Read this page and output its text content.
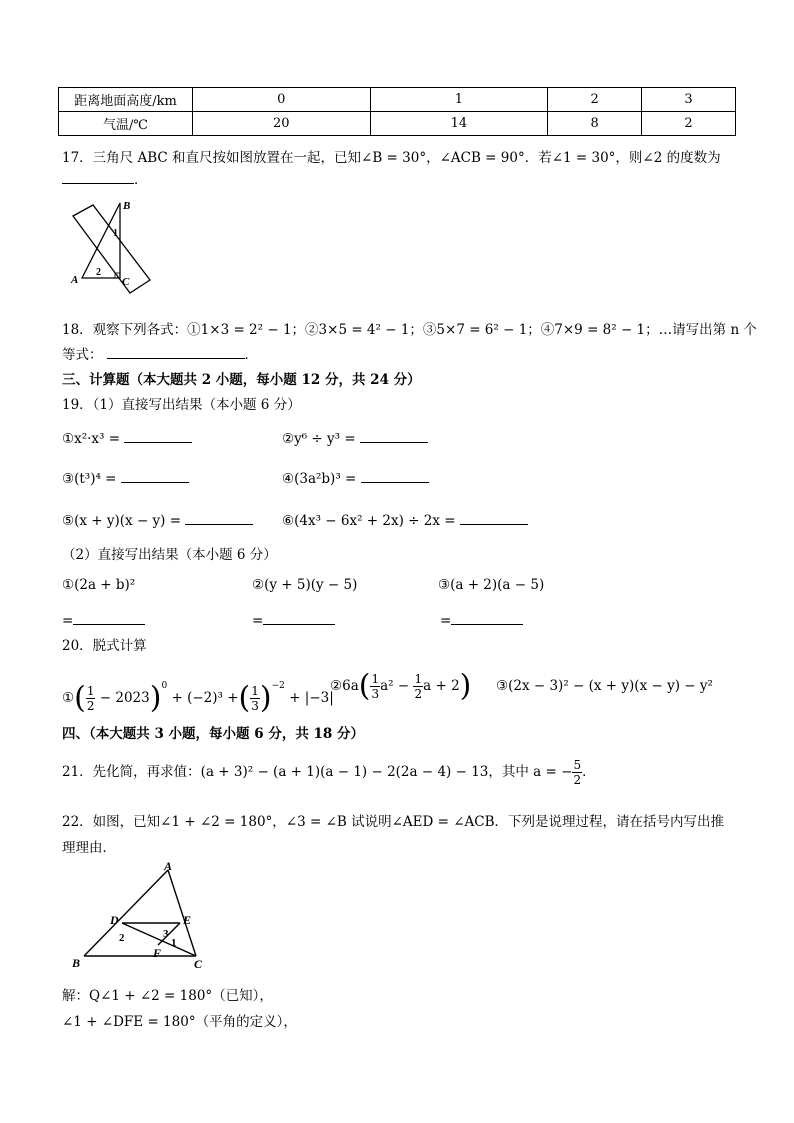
距离地面高度/km	0	1	2	3
气温/℃	20	14	8	2
17．三角尺 ABC 和直尺按如图放置在一起，已知∠B = 30°，∠ACB = 90°．若∠1 = 30°，则∠2 的度数为
．
B
A	C
1
2
18．观察下列各式：①1×3 = 2² − 1；②3×5 = 4² − 1；③5×7 = 6² − 1；④7×9 = 8² − 1；…请写出第 n 个
等式：	．
三、计算题（本大题共 2 小题，每小题 12 分，共 24 分）
19．（1）直接写出结果（本小题 6 分）
①x²·x³ =	②y⁶ ÷ y³ =
③(t³)⁴ =	④(3a²b)³ =
⑤(x + y)(x − y) =	⑥(4x³ − 6x² + 2x) ÷ 2x =
（2）直接写出结果（本小题 6 分）
①(2a + b)²	②(y + 5)(y − 5)	③(a + 2)(a − 5)
=	=	=
20．脱式计算
①( $\frac{1}{2} - 2023)^0 + (-2)^3$ +( $\frac{1}{3} )^{-2} + |-3|$
②6a( $\frac{1}{3} a^2 - \frac{1}{2}$ a + 2) ③(2x − 3)² − (x + y)(x − y) − y²
四、（本大题共 3 小题，每小题 6 分，共 18 分）
21．先化简，再求值：(a + 3)² − (a + 1)(a − 1) − 2(2a − 4) − 13，其中 a = − $\frac{5}{2}$ ．
22．如图，已知∠1 + ∠2 = 180°，∠3 = ∠B 试说明∠AED = ∠ACB．下列是说理过程，请在括号内写出推
理理由．
A
B	C
D	E
F
2	3
1
解：Q∠1 + ∠2 = 180°（已知），
∠1 + ∠DFE = 180°（平角的定义），
